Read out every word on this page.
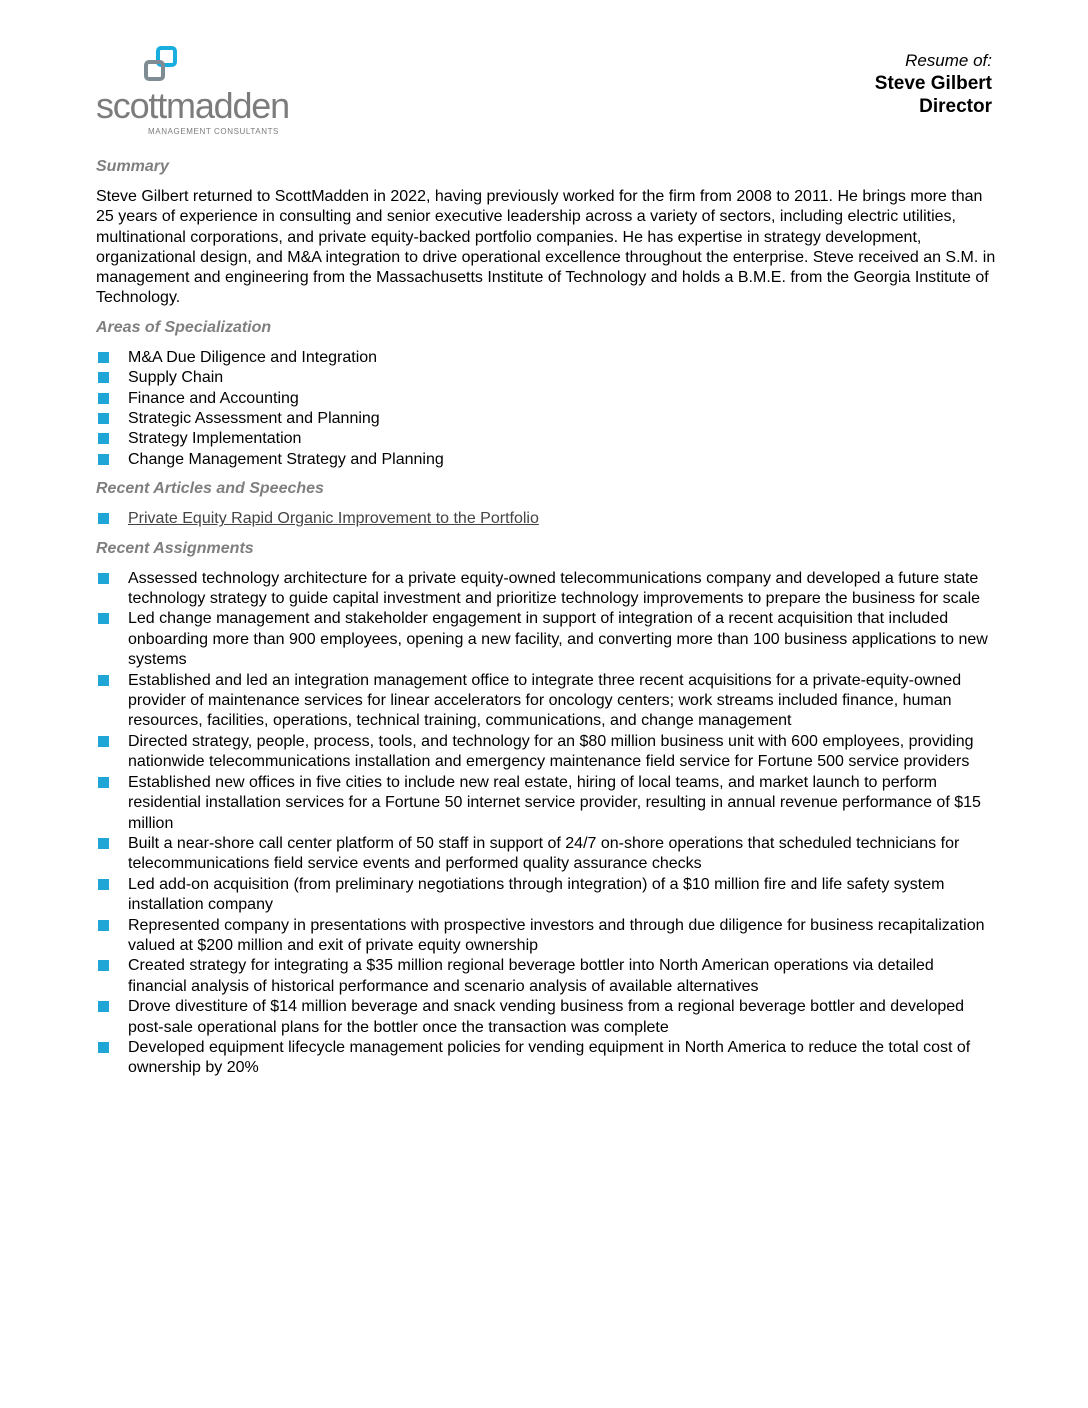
scottmadden
MANAGEMENT CONSULTANTS
Resume of:
Steve Gilbert
Director
Summary

Steve Gilbert returned to ScottMadden in 2022, having previously worked for the firm from 2008 to 2011. He brings more than 25 years of experience in consulting and senior executive leadership across a variety of sectors, including electric utilities, multinational corporations, and private equity-backed portfolio companies. He has expertise in strategy development, organizational design, and M&A integration to drive operational excellence throughout the enterprise. Steve received an S.M. in management and engineering from the Massachusetts Institute of Technology and holds a B.M.E. from the Georgia Institute of Technology.

Areas of Specialization
M&A Due Diligence and Integration
Supply Chain
Finance and Accounting
Strategic Assessment and Planning
Strategy Implementation
Change Management Strategy and Planning
Recent Articles and Speeches
Private Equity Rapid Organic Improvement to the Portfolio
Recent Assignments
Assessed technology architecture for a private equity-owned telecommunications company and developed a future state technology strategy to guide capital investment and prioritize technology improvements to prepare the business for scale
Led change management and stakeholder engagement in support of integration of a recent acquisition that included onboarding more than 900 employees, opening a new facility, and converting more than 100 business applications to new systems
Established and led an integration management office to integrate three recent acquisitions for a private-equity-owned provider of maintenance services for linear accelerators for oncology centers; work streams included finance, human resources, facilities, operations, technical training, communications, and change management
Directed strategy, people, process, tools, and technology for an $80 million business unit with 600 employees, providing nationwide telecommunications installation and emergency maintenance field service for Fortune 500 service providers
Established new offices in five cities to include new real estate, hiring of local teams, and market launch to perform residential installation services for a Fortune 50 internet service provider, resulting in annual revenue performance of $15 million
Built a near-shore call center platform of 50 staff in support of 24/7 on-shore operations that scheduled technicians for telecommunications field service events and performed quality assurance checks
Led add-on acquisition (from preliminary negotiations through integration) of a $10 million fire and life safety system installation company
Represented company in presentations with prospective investors and through due diligence for business recapitalization valued at $200 million and exit of private equity ownership
Created strategy for integrating a $35 million regional beverage bottler into North American operations via detailed financial analysis of historical performance and scenario analysis of available alternatives
Drove divestiture of $14 million beverage and snack vending business from a regional beverage bottler and developed post-sale operational plans for the bottler once the transaction was complete
Developed equipment lifecycle management policies for vending equipment in North America to reduce the total cost of ownership by 20%
